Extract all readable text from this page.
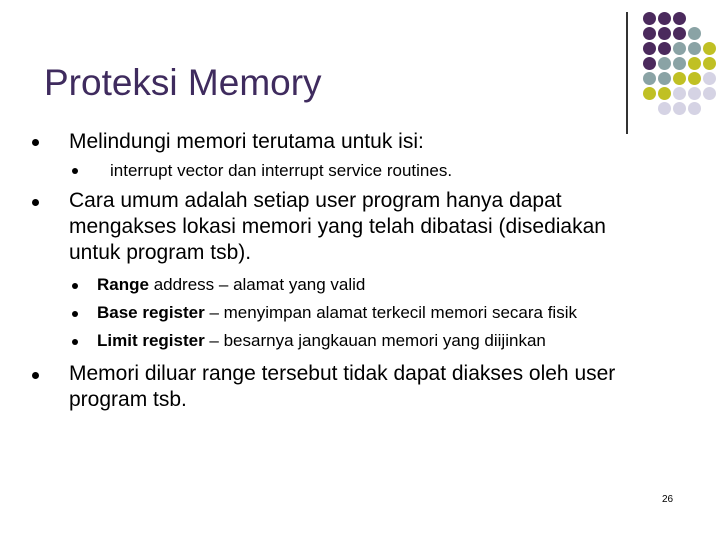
Proteksi Memory
Melindungi memori terutama untuk isi:
interrupt vector dan interrupt service routines.
Cara umum adalah setiap user program hanya dapat
mengakses lokasi memori yang telah dibatasi (disediakan
untuk program tsb).
Range address – alamat yang valid
Base register – menyimpan alamat terkecil memori secara fisik
Limit register – besarnya jangkauan memori yang diijinkan
Memori diluar range tersebut tidak dapat diakses oleh user
program tsb.
26
